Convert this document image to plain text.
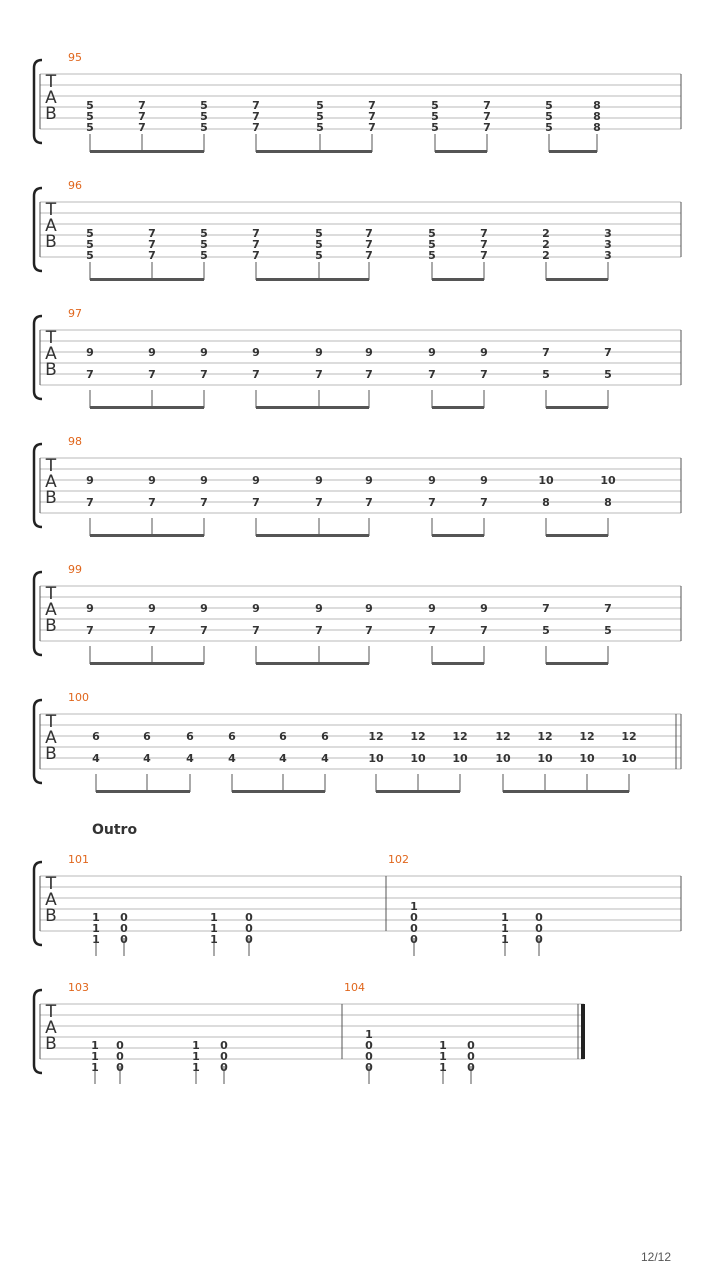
T
A
B
95
5
5
5
7
7
7
5
5
5
7
7
7
5
5
5
7
7
7
5
5
5
7
7
7
5
5
5
8
8
8
T
A
B
96
5
5
5
7
7
7
5
5
5
7
7
7
5
5
5
7
7
7
5
5
5
7
7
7
2
2
2
3
3
3
T
A
B
97
9
7
9
7
9
7
9
7
9
7
9
7
9
7
9
7
7
5
7
5
T
A
B
98
9
7
9
7
9
7
9
7
9
7
9
7
9
7
9
7
10
8
10
8
T
A
B
99
9
7
9
7
9
7
9
7
9
7
9
7
9
7
9
7
7
5
7
5
T
A
B
100
6
4
6
4
6
4
6
4
6
4
6
4
12
10
12
10
12
10
12
10
12
10
12
10
12
10
T
A
B
101	102
1
1
1
0
0
0
1
1
1
0
0
0
1
0
0
0
1
1
1
0
0
0
T
A
B
103	104
1
1
1
0
0
0
1
1
1
0
0
0
1
0
0
0
1
1
1
0
0
0
Outro
12/12
